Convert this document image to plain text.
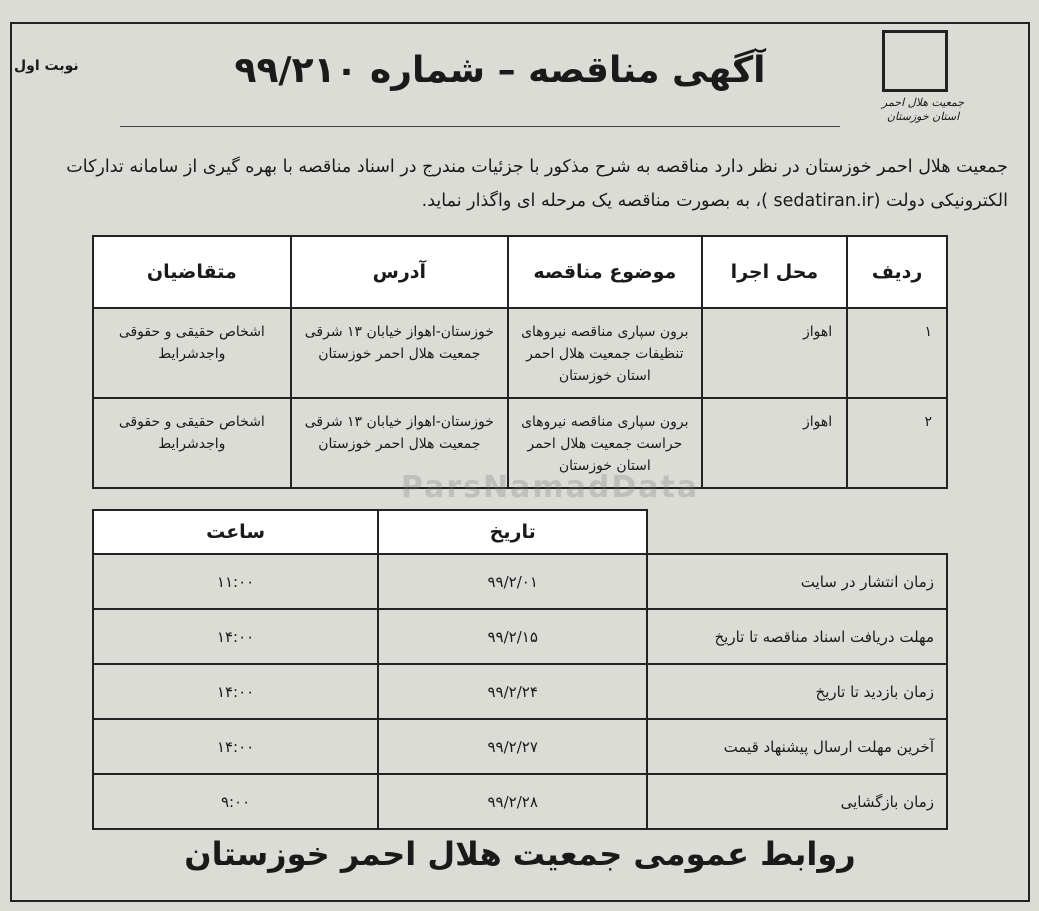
جمعیت هلال احمر
استان خوزستان
نوبت اول	آگهی مناقصه – شماره ۹۹/۲۱۰
جمعیت هلال احمر خوزستان در نظر دارد مناقصه به شرح مذکور با جزئیات مندرج در اسناد مناقصه با بهره گیری از سامانه تدارکات
الکترونیکی دولت (sedatiran.ir )، به بصورت مناقصه یک مرحله ای واگذار نماید.
ردیف	محل اجرا	موضوع مناقصه	آدرس	متقاضیان
۱	اهواز	برون سپاری مناقصه نیروهای تنظیفات جمعیت هلال احمر استان خوزستان	خوزستان-اهواز خیابان ۱۳ شرقی جمعیت هلال احمر خوزستان	اشخاص حقیقی و حقوقی واجدشرایط
۲	اهواز	برون سپاری مناقصه نیروهای حراست جمعیت هلال احمر استان خوزستان	خوزستان-اهواز خیابان ۱۳ شرقی جمعیت هلال احمر خوزستان	اشخاص حقیقی و حقوقی واجدشرایط
	تاریخ	ساعت
زمان انتشار در سایت	۹۹/۲/۰۱	۱۱:۰۰
مهلت دریافت اسناد مناقصه تا تاریخ	۹۹/۲/۱۵	۱۴:۰۰
زمان بازدید تا تاریخ	۹۹/۲/۲۴	۱۴:۰۰
آخرین مهلت ارسال پیشنهاد قیمت	۹۹/۲/۲۷	۱۴:۰۰
زمان بازگشایی	۹۹/۲/۲۸	۹:۰۰
ParsNamadData
روابط عمومی جمعیت هلال احمر خوزستان
